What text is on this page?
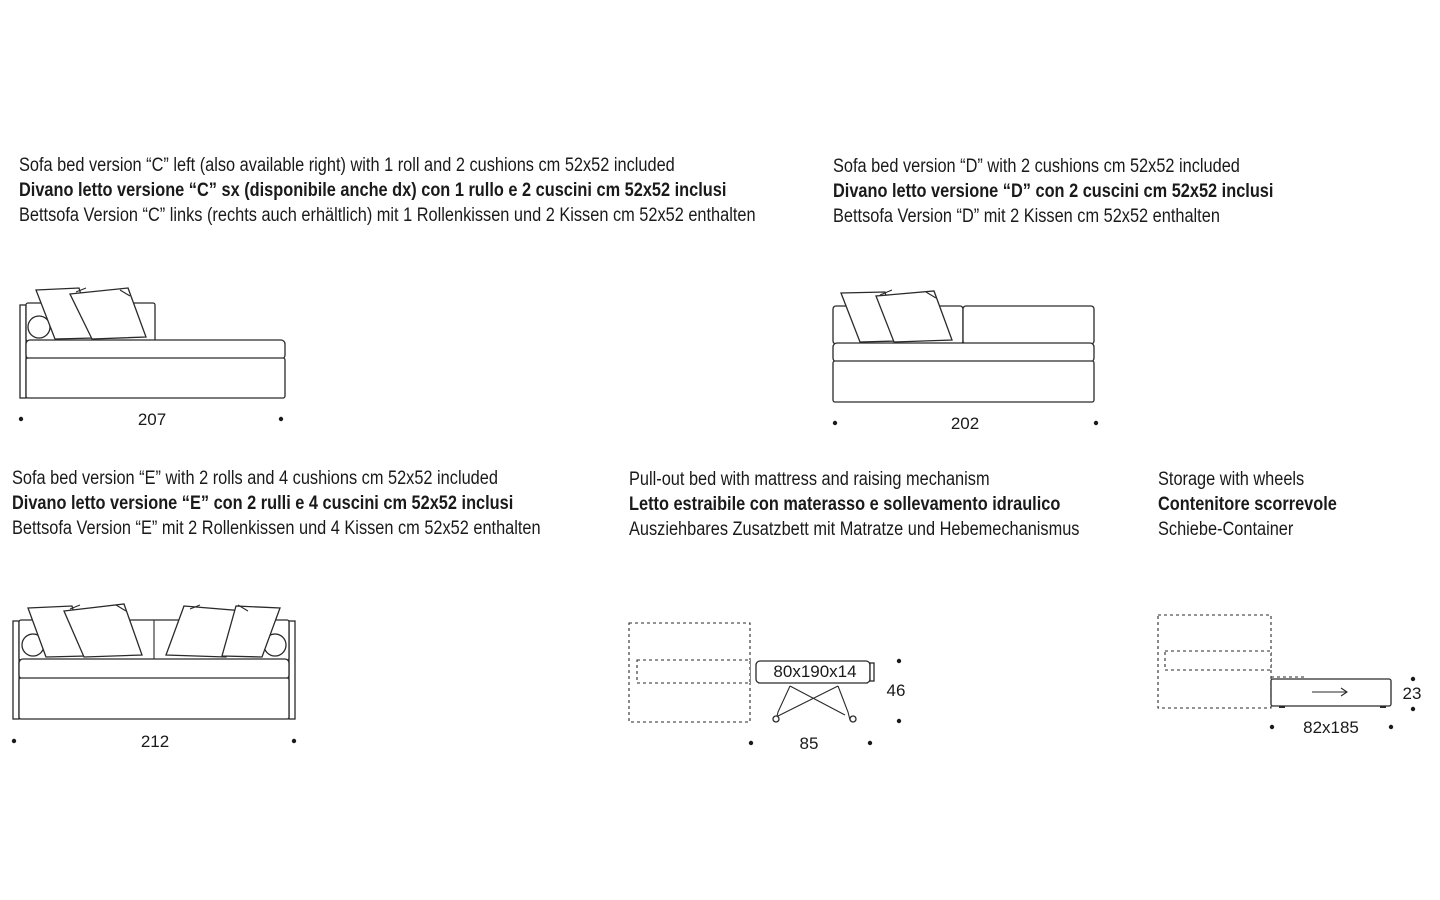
Sofa bed version “C” left (also available right) with 1 roll and 2 cushions cm 52x52 included
Divano letto versione “C” sx (disponibile anche dx) con 1 rullo e 2 cuscini cm 52x52 inclusi
Bettsofa Version “C” links (rechts auch erhältlich) mit 1 Rollenkissen und 2 Kissen cm 52x52 enthalten
Sofa bed version “D” with 2 cushions cm 52x52 included
Divano letto versione “D” con 2 cuscini cm 52x52 inclusi
Bettsofa Version “D” mit 2 Kissen cm 52x52 enthalten
Sofa bed version “E” with 2 rolls and 4 cushions cm 52x52 included
Divano letto versione “E” con 2 rulli e 4 cuscini cm 52x52 inclusi
Bettsofa Version “E” mit 2 Rollenkissen und 4 Kissen cm 52x52 enthalten
Pull-out bed with mattress and raising mechanism
Letto estraibile con materasso e sollevamento idraulico
Ausziehbares Zusatzbett mit Matratze und Hebemechanismus
Storage with wheels
Contenitore scorrevole
Schiebe-Container
207	202
212
80x190x14
46
85
23
82x185
